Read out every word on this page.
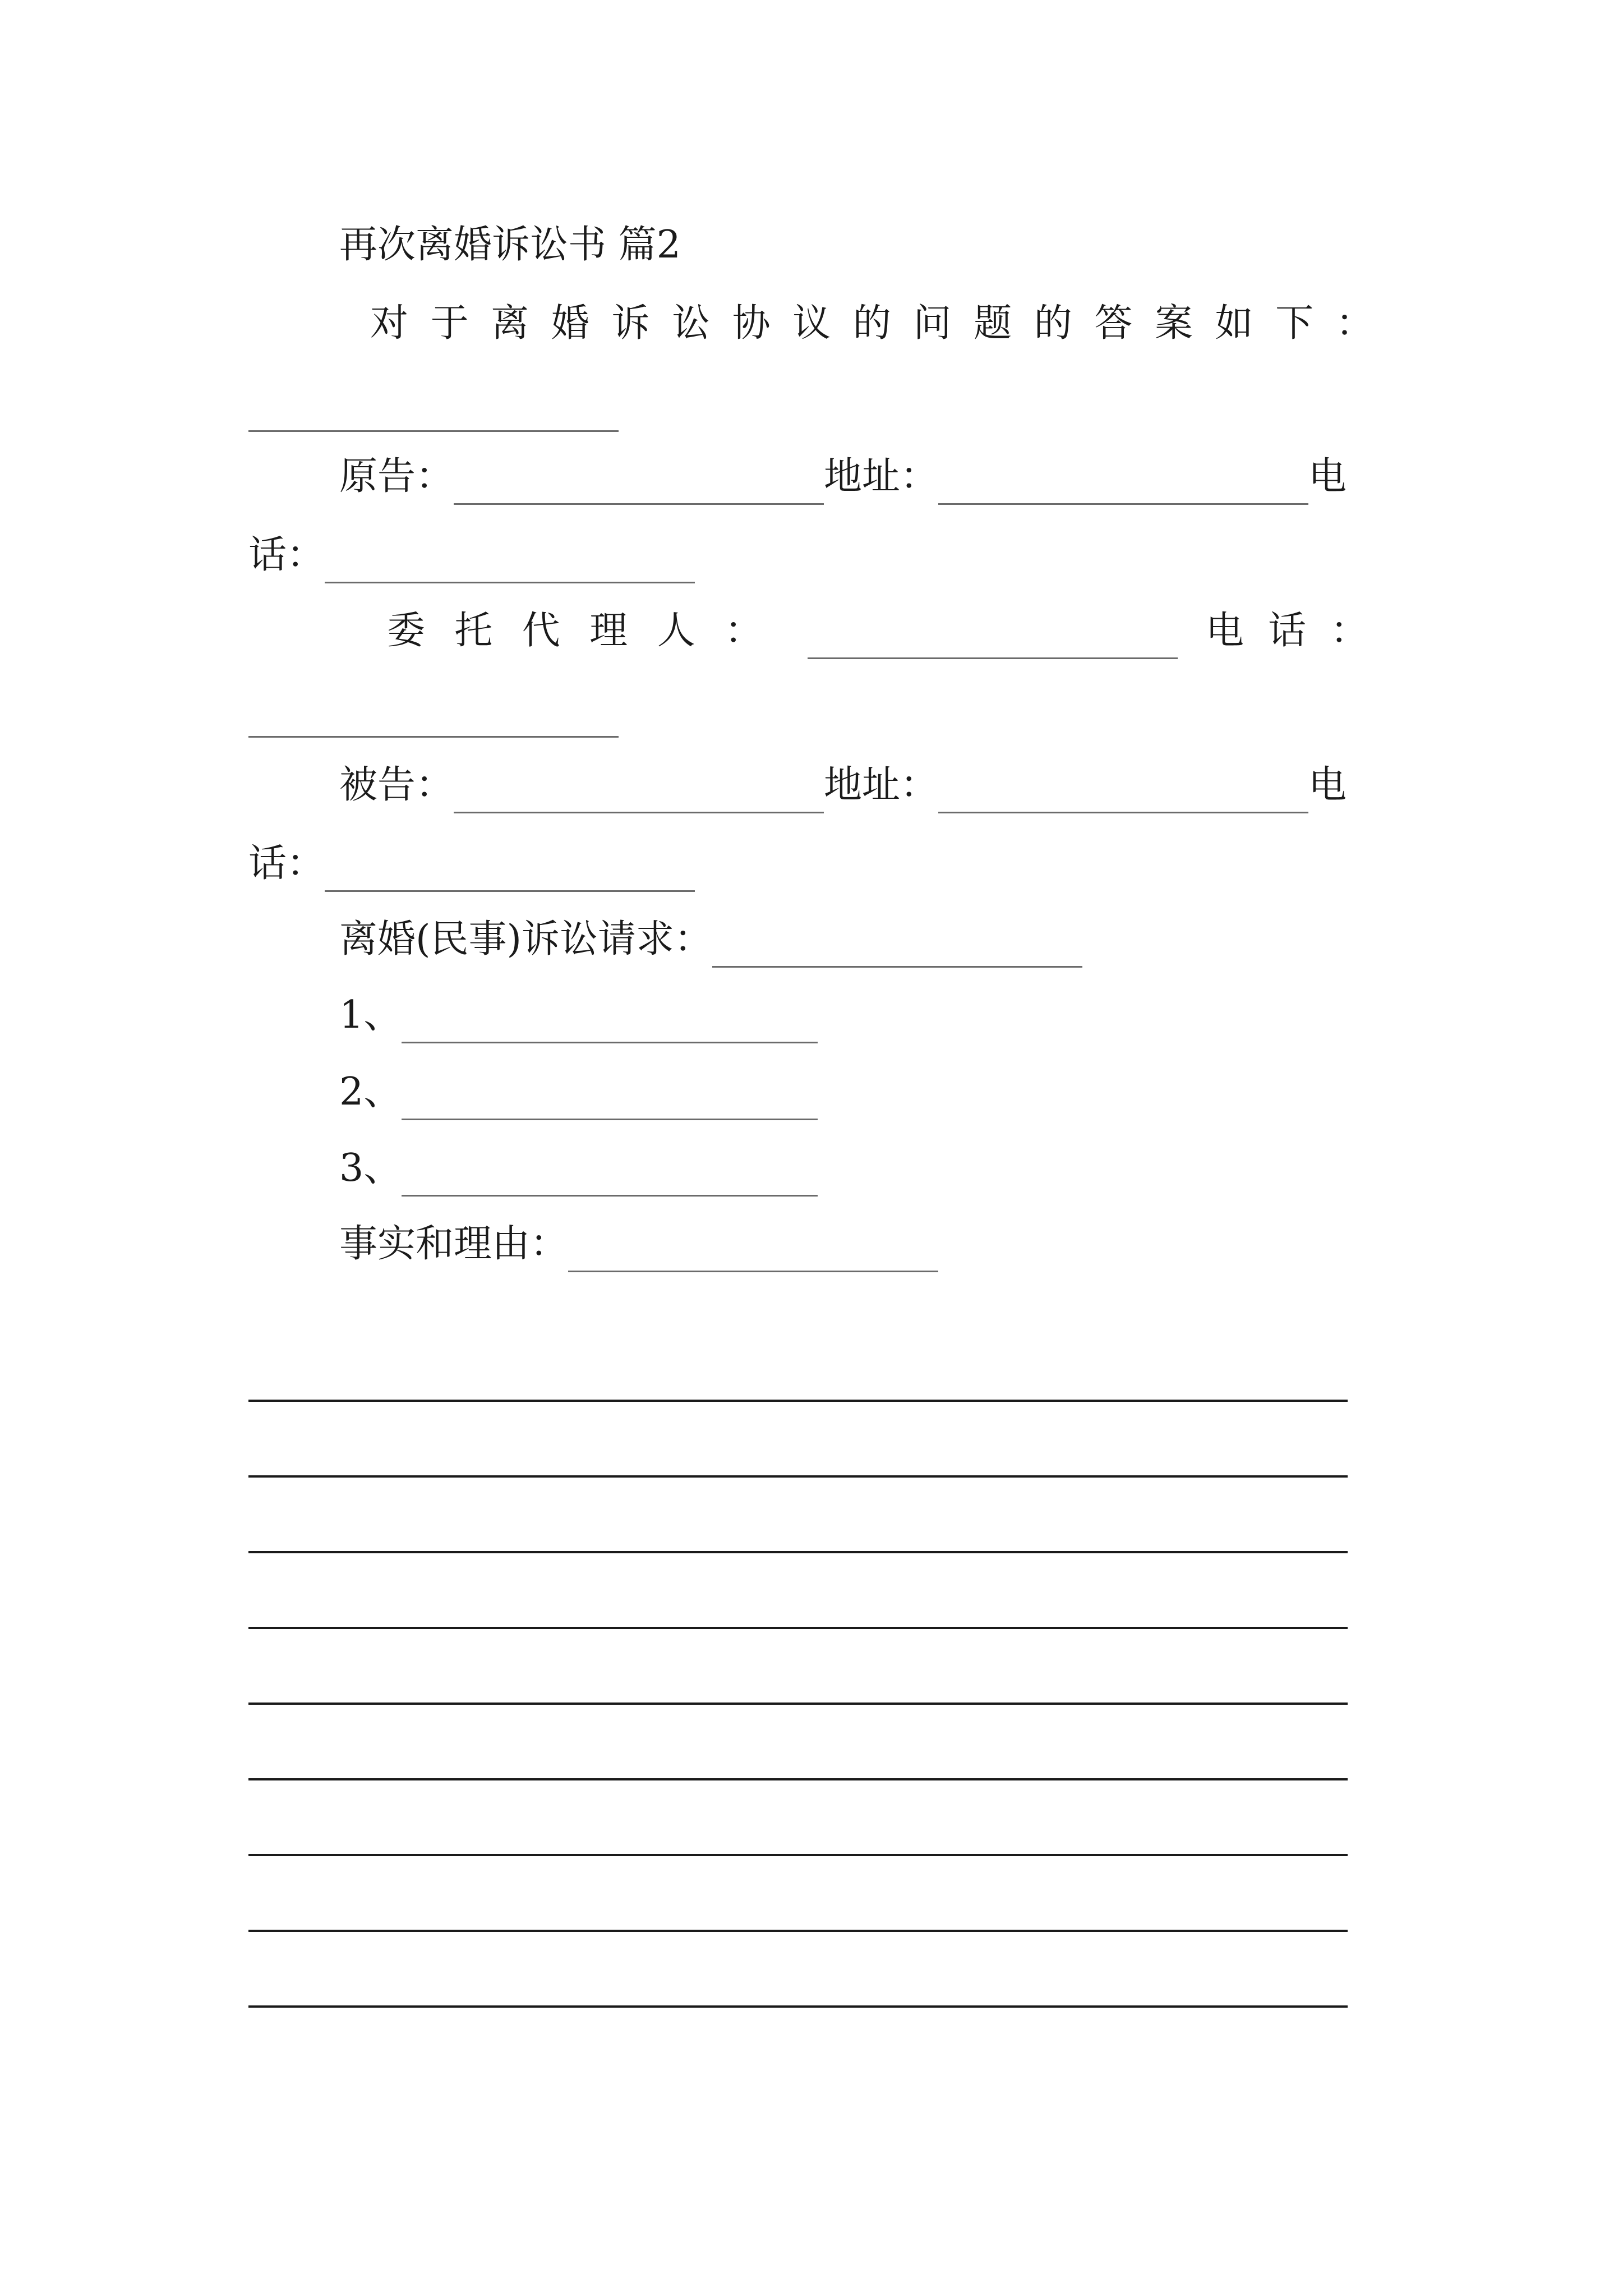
再次离婚诉讼书 篇2
对 于 离 婚 诉 讼 协 议 的 问 题 的 答 案 如 下 ：
原告：	地址：	电
话：
委 托 代 理 人 ：	电 话 ：
被告：	地址：	电
话：
离婚(民事)诉讼请求：
1、
2、
3、
事实和理由：
